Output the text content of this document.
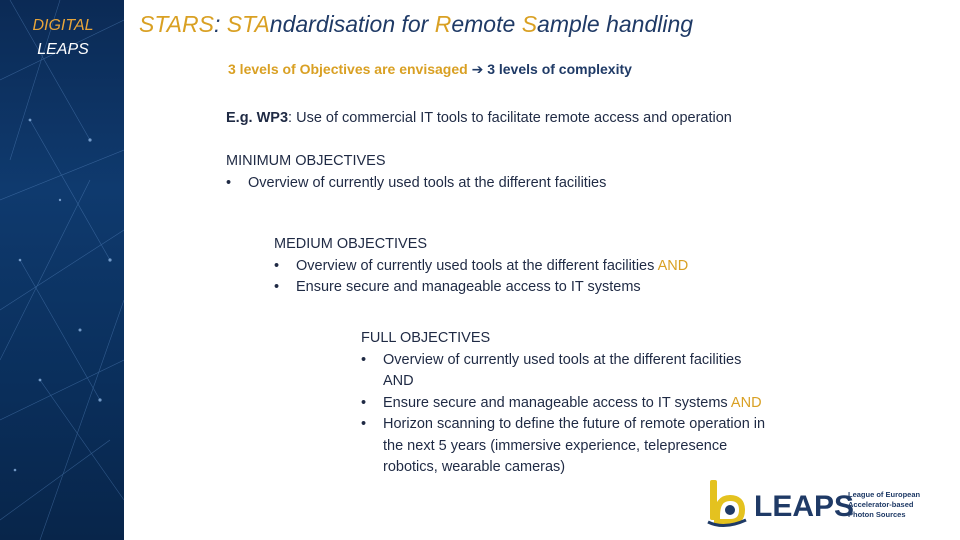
DIGITAL
LEAPS
STARS: STAndardisation for Remote Sample handling
3 levels of Objectives are envisaged ➔ 3 levels of complexity
E.g. WP3: Use of commercial IT tools to facilitate remote access and operation
MINIMUM OBJECTIVES
• Overview of currently used tools at the different facilities
MEDIUM OBJECTIVES
• Overview of currently used tools at the different facilities AND
• Ensure secure and manageable access to IT systems
FULL OBJECTIVES
• Overview of currently used tools at the different facilities
AND
• Ensure secure and manageable access to IT systems AND
• Horizon scanning to define the future of remote operation in
the next 5 years (immersive experience, telepresence
robotics, wearable cameras)
LEAPS
League of European
Accelerator-based
Photon Sources
